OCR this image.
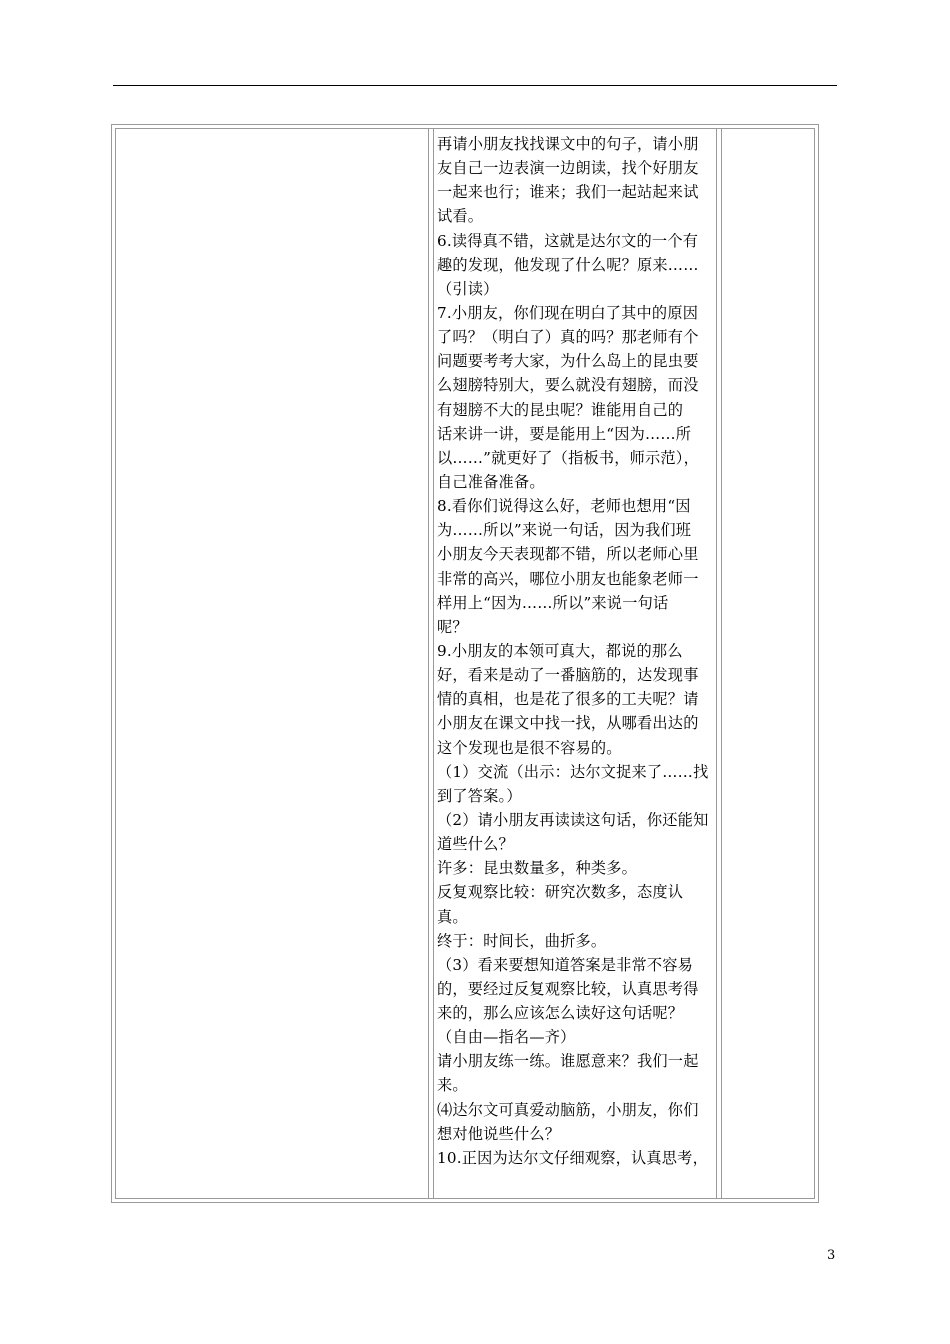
再请小朋友找找课文中的句子，请小朋
友自己一边表演一边朗读，找个好朋友
一起来也行；谁来；我们一起站起来试
试看。
6.读得真不错，这就是达尔文的一个有
趣的发现，他发现了什么呢？原来……
（引读）
7.小朋友，你们现在明白了其中的原因
了吗？（明白了）真的吗？那老师有个
问题要考考大家，为什么岛上的昆虫要
么翅膀特别大，要么就没有翅膀，而没
有翅膀不大的昆虫呢？谁能用自己的
话来讲一讲，要是能用上“因为……所
以……”就更好了（指板书，师示范），
自己准备准备。
8.看你们说得这么好，老师也想用“因
为……所以”来说一句话，因为我们班
小朋友今天表现都不错，所以老师心里
非常的高兴，哪位小朋友也能象老师一
样用上“因为……所以”来说一句话
呢？
9.小朋友的本领可真大，都说的那么
好，看来是动了一番脑筋的，达发现事
情的真相，也是花了很多的工夫呢？请
小朋友在课文中找一找，从哪看出达的
这个发现也是很不容易的。
（1）交流（出示：达尔文捉来了……找
到了答案。）
（2）请小朋友再读读这句话，你还能知
道些什么？
许多：昆虫数量多，种类多。
反复观察比较：研究次数多，态度认
真。
终于：时间长，曲折多。
（3）看来要想知道答案是非常不容易
的，要经过反复观察比较，认真思考得
来的，那么应该怎么读好这句话呢？
（自由—指名—齐）
请小朋友练一练。谁愿意来？我们一起
来。
⑷达尔文可真爱动脑筋，小朋友，你们
想对他说些什么？
10.正因为达尔文仔细观察，认真思考，
3
